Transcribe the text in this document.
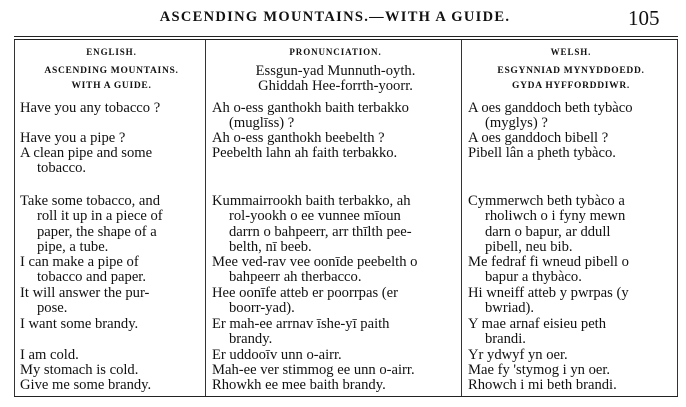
ASCENDING MOUNTAINS.—WITH A GUIDE.	105
ENGLISH.
ASCENDING MOUNTAINS.
WITH A GUIDE.
Have you any tobacco ?
Have you a pipe ?
A clean pipe and some
tobacco.
Take some tobacco, and
roll it up in a piece of
paper, the shape of a
pipe, a tube.
I can make a pipe of
tobacco and paper.
It will answer the pur-
pose.
I want some brandy.
I am cold.
My stomach is cold.
Give me some brandy.
PRONUNCIATION.
Essgun-yad Munnuth-oyth.
Ghiddah Hee-forrth-yoorr.
Ah o-ess ganthokh baith terbakko
(muglīss) ?
Ah o-ess ganthokh beebelth ?
Peebelth lahn ah faith terbakko.
Kummairrookh baith terbakko, ah
rol-yookh o ee vunnee mīoun
darrn o bahpeerr, arr thīlth pee-
belth, nī beeb.
Mee ved-rav vee oonīde peebelth o
bahpeerr ah therbacco.
Hee oonīfe atteb er poorrpas (er
boorr-yad).
Er mah-ee arrnav īshe-yī paith
brandy.
Er uddooīv unn o-airr.
Mah-ee ver stimmog ee unn o-airr.
Rhowkh ee mee baith brandy.
WELSH.
ESGYNNIAD MYNYDDOEDD.
GYDA HYFFORDDIWR.
A oes ganddoch beth tybàco
(myglys) ?
A oes ganddoch bibell ?
Pibell lân a pheth tybàco.
Cymmerwch beth tybàco a
rholiwch o i fyny mewn
darn o bapur, ar ddull
pibell, neu bib.
Me fedraf fi wneud pibell o
bapur a thybàco.
Hi wneiff atteb y pwrpas (y
bwriad).
Y mae arnaf eisieu peth
brandi.
Yr ydwyf yn oer.
Mae fy 'stymog i yn oer.
Rhowch i mi beth brandi.
